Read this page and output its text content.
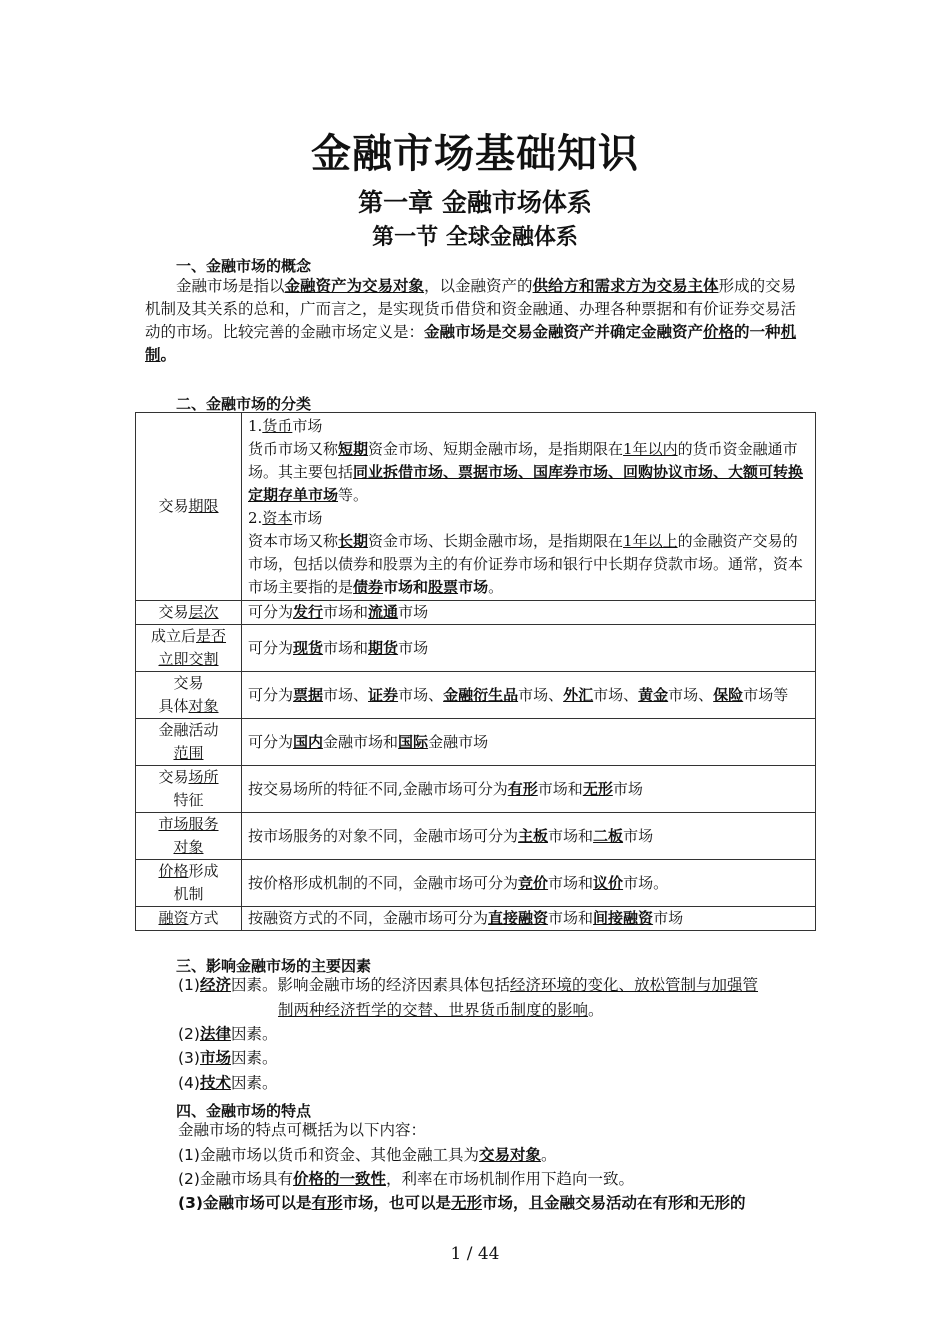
金融市场基础知识
第一章 金融市场体系
第一节 全球金融体系
一、金融市场的概念
金融市场是指以金融资产为交易对象，以金融资产的供给方和需求方为交易主体形成的交易机制及其关系的总和，广而言之，是实现货币借贷和资金融通、办理各种票据和有价证券交易活动的市场。比较完善的金融市场定义是：金融市场是交易金融资产并确定金融资产价格的一种机制。
二、金融市场的分类
交易期限	1.货币市场
货币市场又称短期资金市场、短期金融市场，是指期限在1年以内的货币资金融通市场。其主要包括同业拆借市场、票据市场、国库券市场、回购协议市场、大额可转换定期存单市场等。
2.资本市场
资本市场又称长期资金市场、长期金融市场，是指期限在1年以上的金融资产交易的市场，包括以债券和股票为主的有价证券市场和银行中长期存贷款市场。通常，资本市场主要指的是债券市场和股票市场。

交易层次	可分为发行市场和流通市场
成立后是否
立即交割	可分为现货市场和期货市场
交易
具体对象	可分为票据市场、证券市场、金融衍生品市场、外汇市场、黄金市场、保险市场等
金融活动
范围	可分为国内金融市场和国际金融市场
交易场所
特征	按交易场所的特征不同,金融市场可分为有形市场和无形市场
市场服务
对象	按市场服务的对象不同，金融市场可分为主板市场和二板市场
价格形成
机制	按价格形成机制的不同，金融市场可分为竞价市场和议价市场。
融资方式	按融资方式的不同，金融市场可分为直接融资市场和间接融资市场
三、影响金融市场的主要因素
(1)经济因素。影响金融市场的经济因素具体包括经济环境的变化、放松管制与加强管
制两种经济哲学的交替、世界货币制度的影响。
(2)法律因素。
(3)市场因素。
(4)技术因素。
四、金融市场的特点
金融市场的特点可概括为以下内容：
(1)金融市场以货币和资金、其他金融工具为交易对象。
(2)金融市场具有价格的一致性，利率在市场机制作用下趋向一致。
(3)金融市场可以是有形市场，也可以是无形市场，且金融交易活动在有形和无形的
1 / 44
